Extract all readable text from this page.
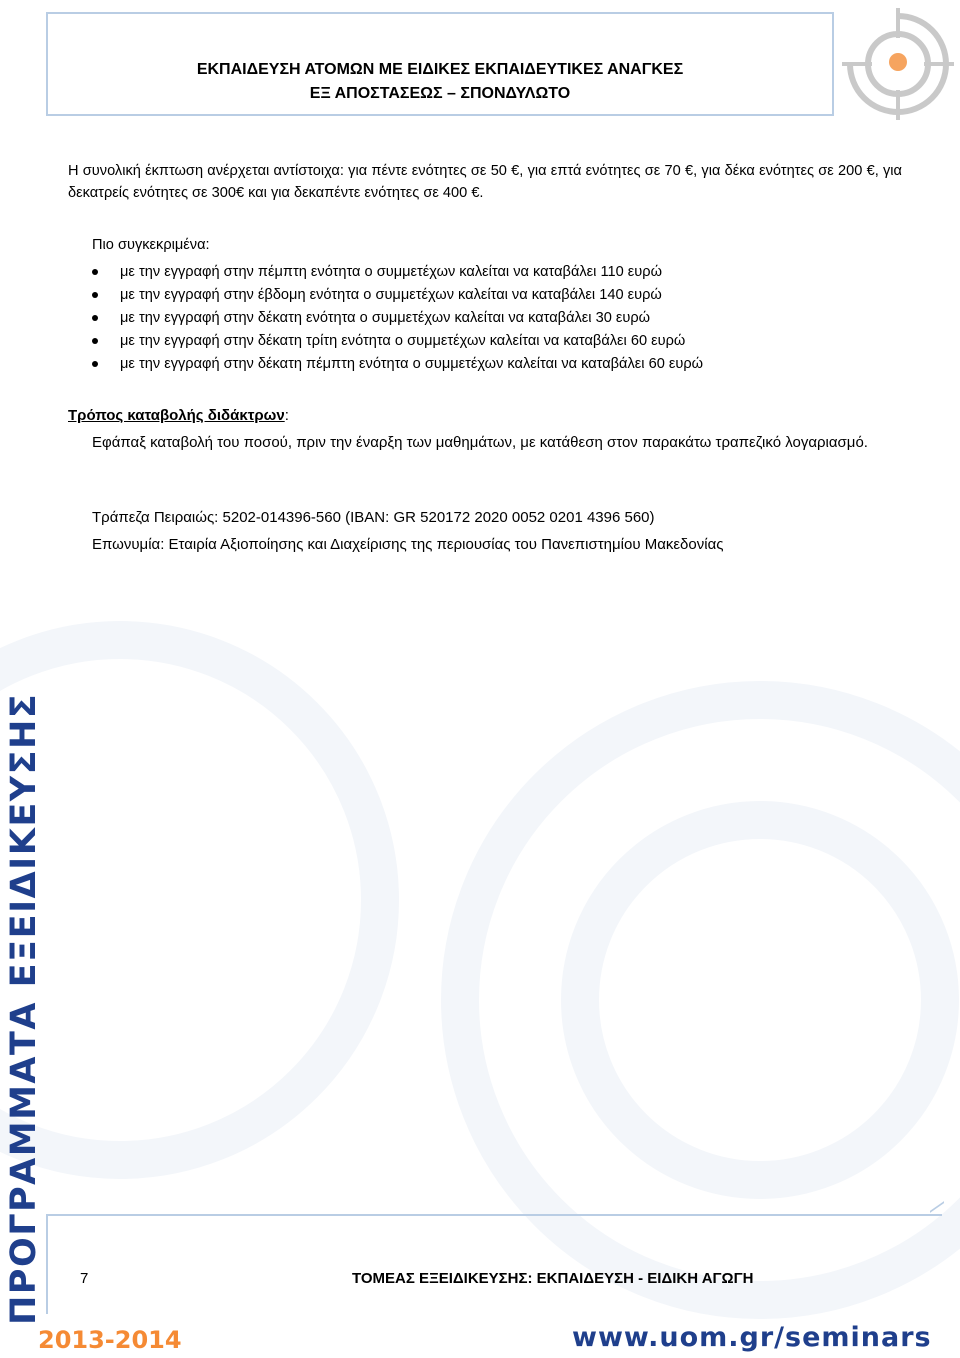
ΕΚΠΑΙΔΕΥΣΗ ΑΤΟΜΩΝ ΜΕ ΕΙΔΙΚΕΣ ΕΚΠΑΙΔΕΥΤΙΚΕΣ ΑΝΑΓΚΕΣ
ΕΞ ΑΠΟΣΤΑΣΕΩΣ – ΣΠΟΝΔΥΛΩΤΟ
Η συνολική έκπτωση ανέρχεται αντίστοιχα: για πέντε ενότητες σε 50 €, για επτά ενότητες σε 70 €, για δέκα ενότητες σε 200 €, για δεκατρείς ενότητες σε 300€ και για δεκαπέντε ενότητες σε 400 €.
Πιο συγκεκριμένα:
με την εγγραφή στην πέμπτη ενότητα ο συμμετέχων καλείται να καταβάλει 110 ευρώ
με την εγγραφή στην έβδομη ενότητα ο συμμετέχων καλείται να καταβάλει 140 ευρώ
με την εγγραφή στην δέκατη ενότητα ο συμμετέχων καλείται να καταβάλει 30 ευρώ
με την εγγραφή στην δέκατη τρίτη ενότητα ο συμμετέχων καλείται να καταβάλει 60 ευρώ
με την εγγραφή στην δέκατη πέμπτη ενότητα ο συμμετέχων καλείται να καταβάλει 60 ευρώ
Τρόπος καταβολής διδάκτρων:
Εφάπαξ καταβολή του ποσού, πριν την έναρξη των μαθημάτων, με κατάθεση στον παρακάτω τραπεζικό λογαριασμό.
Τράπεζα Πειραιώς: 5202-014396-560 (IBAN: GR 520172 2020 0052 0201 4396 560)
Επωνυμία: Εταιρία Αξιοποίησης και Διαχείρισης της περιουσίας του Πανεπιστημίου Μακεδονίας
ΠΡΟΓΡΑΜΜΑΤΑ ΕΞΕΙΔΙΚΕΥΣΗΣ 7	ΤΟΜΕΑΣ ΕΞΕΙΔΙΚΕΥΣΗΣ: ΕΚΠΑΙΔΕΥΣΗ - ΕΙΔΙΚΗ ΑΓΩΓΗ
2013-2014	www.uom.gr/seminars
